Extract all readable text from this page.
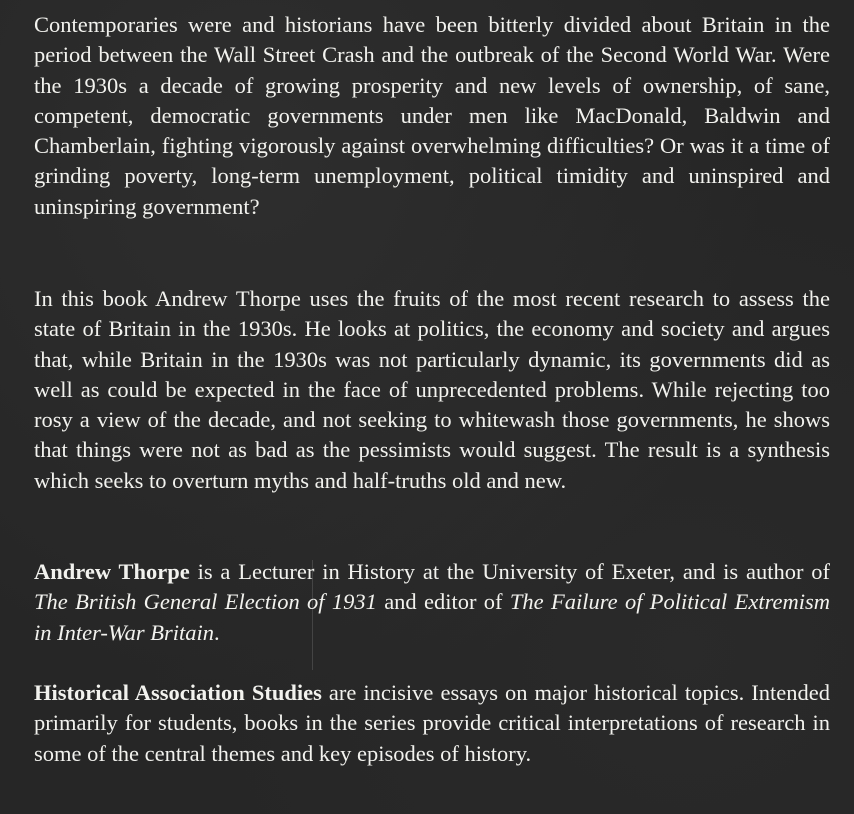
Contemporaries were and historians have been bitterly divided about Britain in the period between the Wall Street Crash and the outbreak of the Second World War. Were the 1930s a decade of growing prosperity and new levels of ownership, of sane, competent, democratic governments under men like MacDonald, Baldwin and Chamberlain, fighting vigorously against overwhelming difficulties? Or was it a time of grinding poverty, long-term unemployment, political timidity and uninspired and uninspiring government?

In this book Andrew Thorpe uses the fruits of the most recent research to assess the state of Britain in the 1930s. He looks at politics, the economy and society and argues that, while Britain in the 1930s was not particularly dynamic, its governments did as well as could be expected in the face of unprecedented problems. While rejecting too rosy a view of the decade, and not seeking to whitewash those governments, he shows that things were not as bad as the pessimists would suggest. The result is a synthesis which seeks to overturn myths and half-truths old and new.

Andrew Thorpe is a Lecturer in History at the University of Exeter, and is author of The British General Election of 1931 and editor of The Failure of Political Extremism in Inter-War Britain.

Historical Association Studies are incisive essays on major historical topics. Intended primarily for students, books in the series provide critical interpretations of research in some of the central themes and key episodes of history.
